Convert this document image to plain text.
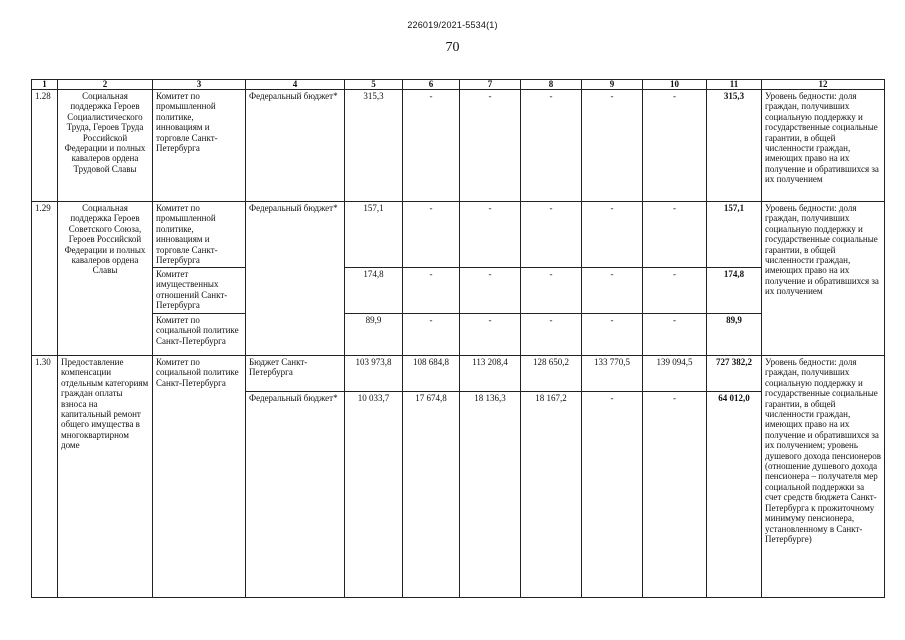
226019/2021-5534(1)
70
1	2	3	4	5	6	7	8	9	10	11	12
1.28	Социальная поддержка Героев Социалистического Труда, Героев Труда Российской Федерации и полных кавалеров ордена Трудовой Славы	Комитет по промышленной политике, инновациям и торговле Санкт-Петербурга	Федеральный бюджет*	315,3	-	-	-	-	-	315,3	Уровень бедности: доля граждан, получивших социальную поддержку и государственные социальные гарантии, в общей численности граждан, имеющих право на их получение и обратившихся за их получением
1.29	Социальная поддержка Героев Советского Союза, Героев Российской Федерации и полных кавалеров ордена Славы	Комитет по промышленной политике, инновациям и торговле Санкт-Петербурга	Федеральный бюджет*	157,1	-	-	-	-	-	157,1	Уровень бедности: доля граждан, получивших социальную поддержку и государственные социальные гарантии, в общей численности граждан, имеющих право на их получение и обратившихся за их получением
		Комитет имущественных отношений Санкт-Петербурга		174,8	-	-	-	-	-	174,8	
		Комитет по социальной политике Санкт-Петербурга		89,9	-	-	-	-	-	89,9	
1.30	Предоставление компенсации отдельным категориям граждан оплаты взноса на капитальный ремонт общего имущества в многоквартирном доме	Комитет по социальной политике Санкт-Петербурга	Бюджет Санкт-Петербурга	103 973,8	108 684,8	113 208,4	128 650,2	133 770,5	139 094,5	727 382,2	Уровень бедности: доля граждан, получивших социальную поддержку и государственные социальные гарантии, в общей численности граждан, имеющих право на их получение и обратившихся за их получением; уровень душевого дохода пенсионеров (отношение душевого дохода пенсионера – получателя мер социальной поддержки за счет средств бюджета Санкт-Петербурга к прожиточному минимуму пенсионера, установленному в Санкт-Петербурге)
			Федеральный бюджет*	10 033,7	17 674,8	18 136,3	18 167,2	-	-	64 012,0	
